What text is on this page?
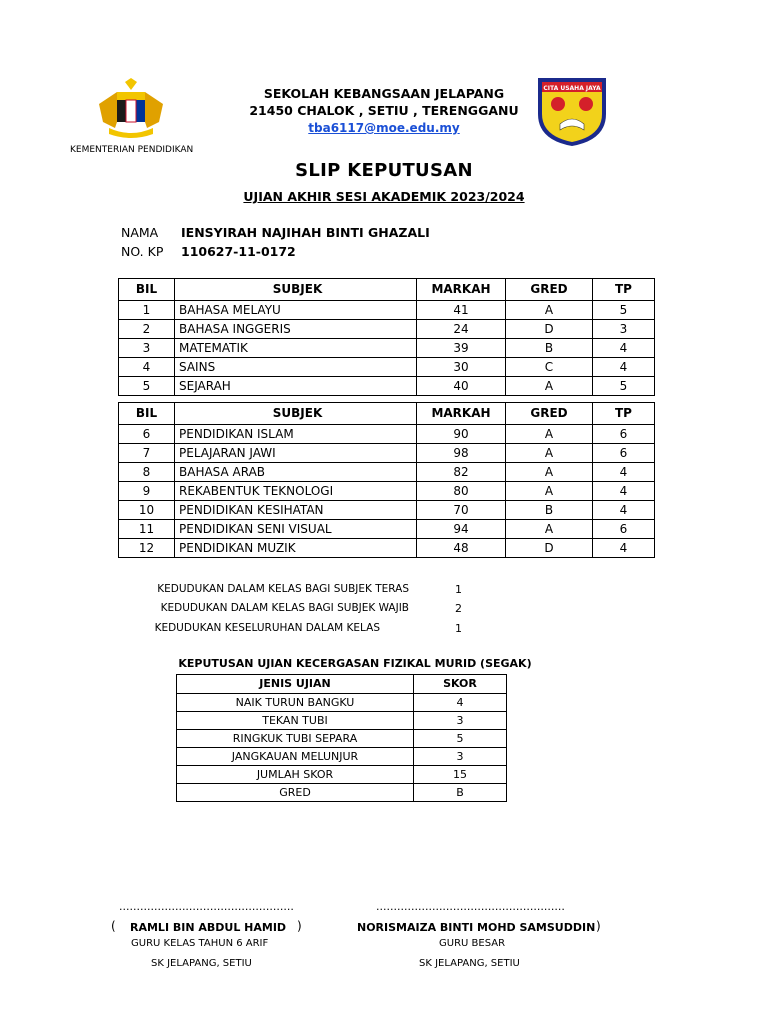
KEMENTERIAN PENDIDIKAN
CITA USAHA JAYA
SEKOLAH KEBANGSAAN JELAPANG
21450 CHALOK , SETIU , TERENGGANU
tba6117@moe.edu.my
SLIP KEPUTUSAN
UJIAN AKHIR SESI AKADEMIK 2023/2024
NAMA IENSYIRAH NAJIHAH BINTI GHAZALI
NO. KP 110627-11-0172
BIL	SUBJEK	MARKAH	GRED	TP
1	BAHASA MELAYU	41	A	5
2	BAHASA INGGERIS	24	D	3
3	MATEMATIK	39	B	4
4	SAINS	30	C	4
5	SEJARAH	40	A	5
BIL	SUBJEK	MARKAH	GRED	TP
6	PENDIDIKAN ISLAM	90	A	6
7	PELAJARAN JAWI	98	A	6
8	BAHASA ARAB	82	A	4
9	REKABENTUK TEKNOLOGI	80	A	4
10	PENDIDIKAN KESIHATAN	70	B	4
11	PENDIDIKAN SENI VISUAL	94	A	6
12	PENDIDIKAN MUZIK	48	D	4
KEDUDUKAN DALAM KELAS BAGI SUBJEK TERAS	1
KEDUDUKAN DALAM KELAS BAGI SUBJEK WAJIB	2
KEDUDUKAN KESELURUHAN DALAM KELAS	1
KEPUTUSAN UJIAN KECERGASAN FIZIKAL MURID (SEGAK)
JENIS UJIAN	SKOR
NAIK TURUN BANGKU	4
TEKAN TUBI	3
RINGKUK TUBI SEPARA	5
JANGKAUAN MELUNJUR	3
JUMLAH SKOR	15
GRED	B
..................................................	......................................................
( RAMLI BIN ABDUL HAMID )	NORISMAIZA BINTI MOHD SAMSUDDIN )
GURU KELAS TAHUN 6 ARIF	GURU BESAR
SK JELAPANG, SETIU	SK JELAPANG, SETIU
